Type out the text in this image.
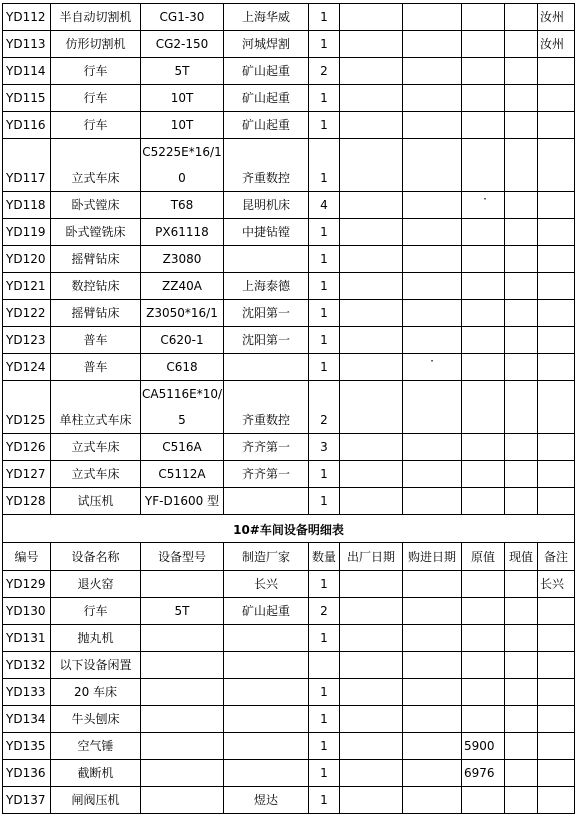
YD112	半自动切割机	CG1-30	上海华威	1					汝州
YD113	仿形切割机	CG2-150	河城焊割	1					汝州
YD114	行车	5T	矿山起重	2					
YD115	行车	10T	矿山起重	1					
YD116	行车	10T	矿山起重	1					
YD117	立式车床	C5225E*16/10	齐重数控	1					
YD118	卧式镗床	T68	昆明机床	4			·		
YD119	卧式镗铣床	PX61118	中捷钻镗	1					
YD120	摇臂钻床	Z3080		1					
YD121	数控钻床	ZZ40A	上海泰德	1					
YD122	摇臂钻床	Z3050*16/1	沈阳第一	1					
YD123	普车	C620-1	沈阳第一	1					
YD124	普车	C618		1		·			
YD125	单柱立式车床	CA5116E*10/5	齐重数控	2					
YD126	立式车床	C516A	齐齐第一	3					
YD127	立式车床	C5112A	齐齐第一	1					
YD128	试压机	YF-D1600 型		1					
10#车间设备明细表									
编号	设备名称	设备型号	制造厂家	数量	出厂日期	购进日期	原值	现值	备注
YD129	退火窑		长兴	1					长兴
YD130	行车	5T	矿山起重	2					
YD131	抛丸机			1					
YD132	以下设备闲置								
YD133	20 车床			1					
YD134	牛头刨床			1					
YD135	空气锤			1			5900		
YD136	截断机			1			6976		
YD137	闸阀压机		煜达	1					
